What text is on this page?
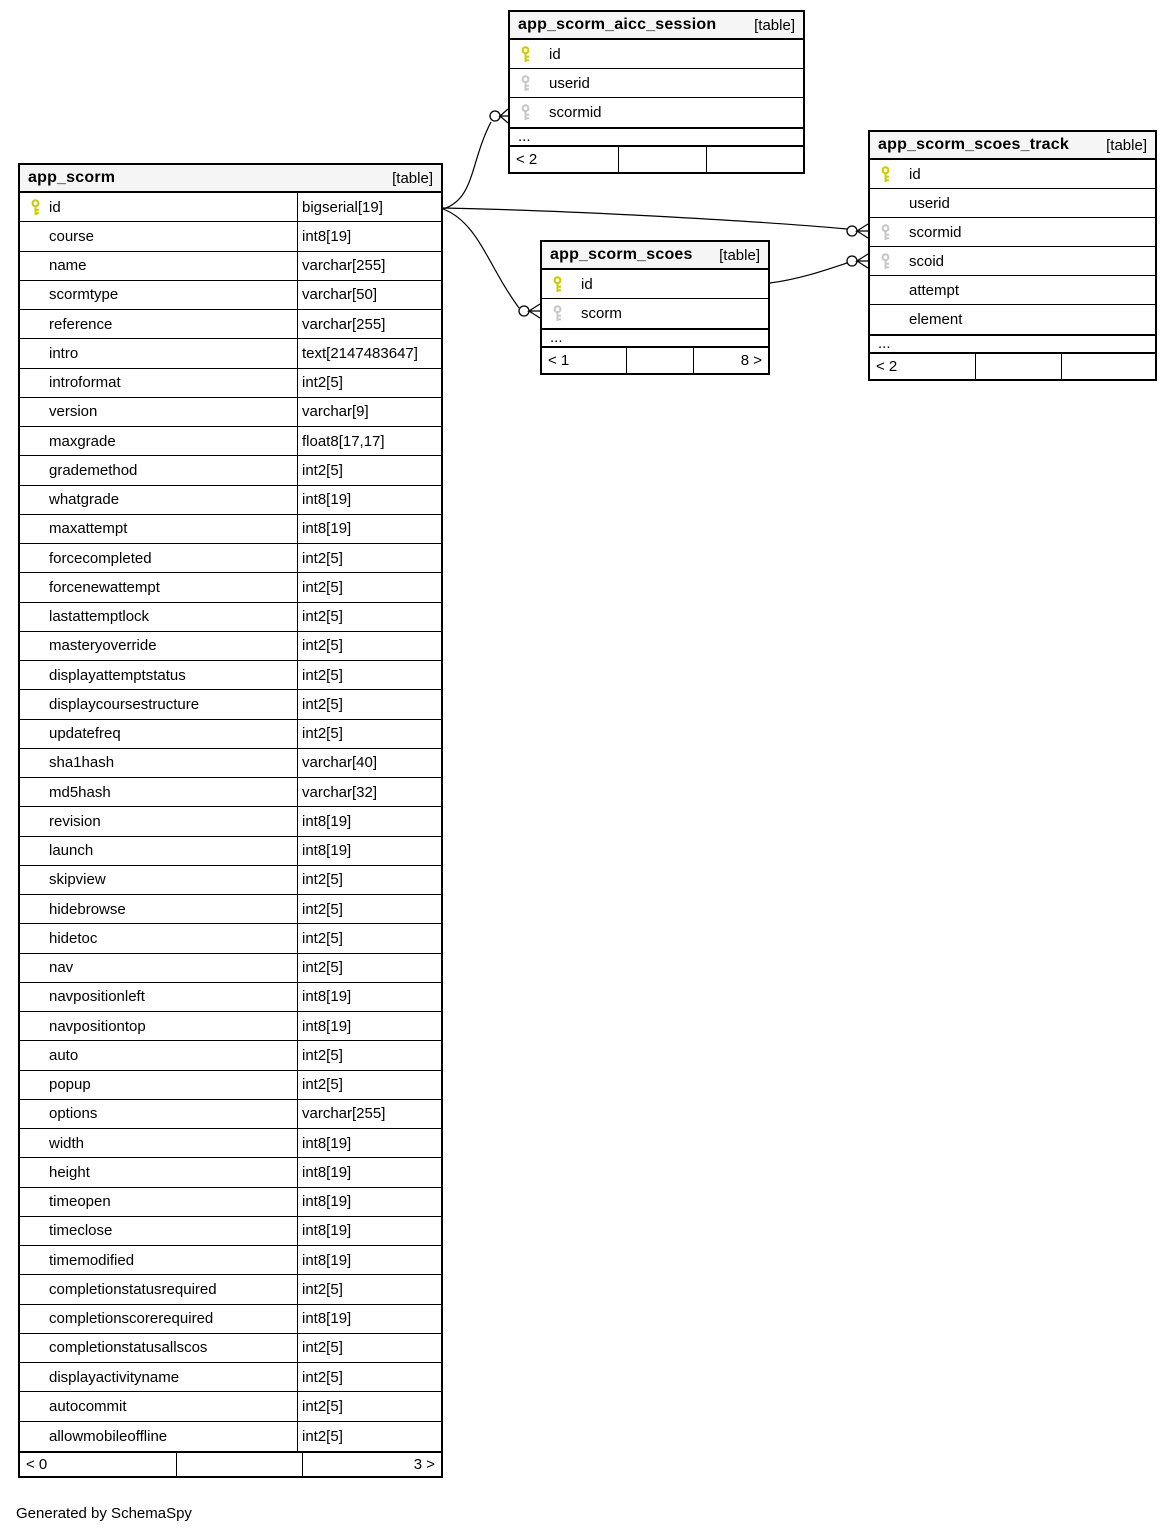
app_scorm	[table]
id	bigserial[19]
course	int8[19]
name	varchar[255]
scormtype	varchar[50]
reference	varchar[255]
intro	text[2147483647]
introformat	int2[5]
version	varchar[9]
maxgrade	float8[17,17]
grademethod	int2[5]
whatgrade	int8[19]
maxattempt	int8[19]
forcecompleted	int2[5]
forcenewattempt	int2[5]
lastattemptlock	int2[5]
masteryoverride	int2[5]
displayattemptstatus	int2[5]
displaycoursestructure	int2[5]
updatefreq	int2[5]
sha1hash	varchar[40]
md5hash	varchar[32]
revision	int8[19]
launch	int8[19]
skipview	int2[5]
hidebrowse	int2[5]
hidetoc	int2[5]
nav	int2[5]
navpositionleft	int8[19]
navpositiontop	int8[19]
auto	int2[5]
popup	int2[5]
options	varchar[255]
width	int8[19]
height	int8[19]
timeopen	int8[19]
timeclose	int8[19]
timemodified	int8[19]
completionstatusrequired	int2[5]
completionscorerequired	int8[19]
completionstatusallscos	int2[5]
displayactivityname	int2[5]
autocommit	int2[5]
allowmobileoffline	int2[5]
< 0	3 >
app_scorm_aicc_session	[table]
id
userid
scormid
...
< 2
app_scorm_scoes [table]
id
scorm
...
< 1	8 >
app_scorm_scoes_track [table]
id
userid
scormid
scoid
attempt
element
...
< 2
Generated by SchemaSpy
